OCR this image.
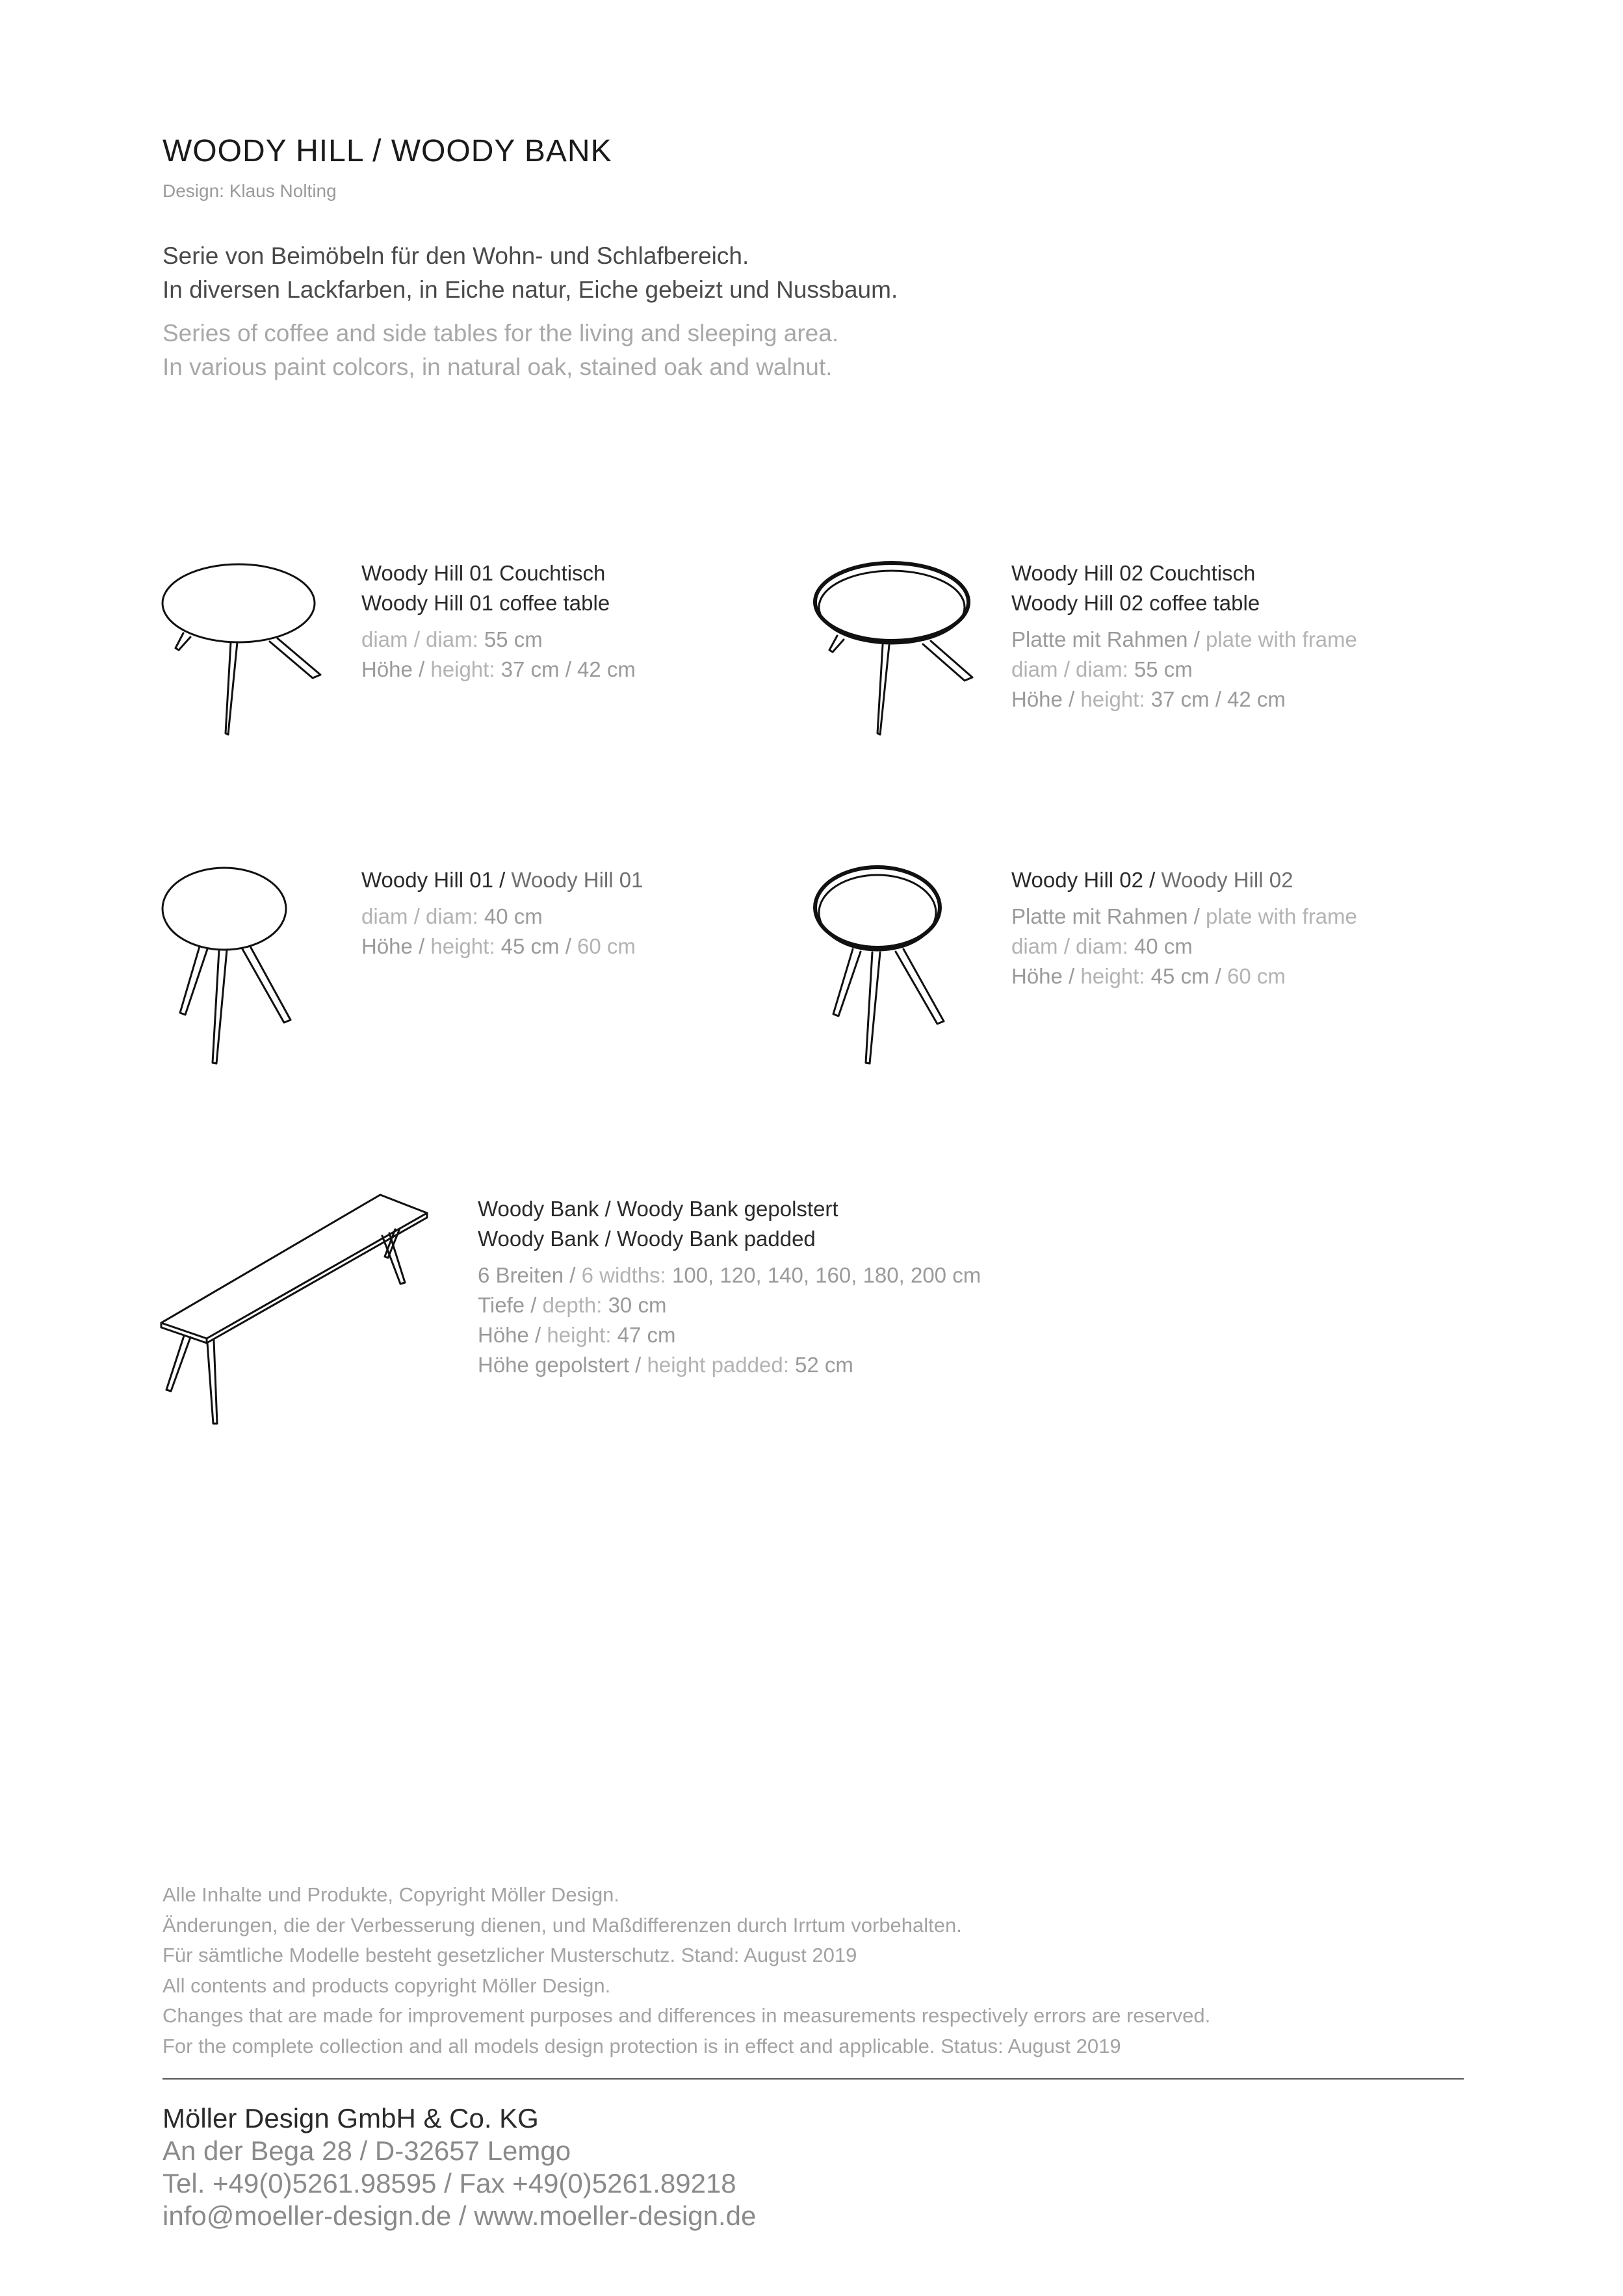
WOODY HILL / WOODY BANK
Design: Klaus Nolting
Serie von Beimöbeln für den Wohn- und Schlafbereich.
In diversen Lackfarben, in Eiche natur, Eiche gebeizt und Nussbaum.
Series of coffee and side tables for the living and sleeping area.
In various paint colcors, in natural oak, stained oak and walnut.
Woody Hill 01 Couchtisch
Woody Hill 01 coffee table
diam / diam: 55 cm
Höhe / height: 37 cm / 42 cm
Woody Hill 02 Couchtisch
Woody Hill 02 coffee table
Platte mit Rahmen / plate with frame
diam / diam: 55 cm
Höhe / height: 37 cm / 42 cm
Woody Hill 01 / Woody Hill 01
diam / diam: 40 cm
Höhe / height: 45 cm / 60 cm
Woody Hill 02 / Woody Hill 02
Platte mit Rahmen / plate with frame
diam / diam: 40 cm
Höhe / height: 45 cm / 60 cm
Woody Bank / Woody Bank gepolstert
Woody Bank / Woody Bank padded
6 Breiten / 6 widths: 100, 120, 140, 160, 180, 200 cm
Tiefe / depth: 30 cm
Höhe / height: 47 cm
Höhe gepolstert / height padded: 52 cm
Alle Inhalte und Produkte, Copyright Möller Design.
Änderungen, die der Verbesserung dienen, und Maßdifferenzen durch Irrtum vorbehalten.
Für sämtliche Modelle besteht gesetzlicher Musterschutz. Stand: August 2019
All contents and products copyright Möller Design.
Changes that are made for improvement purposes and differences in measurements respectively errors are reserved.
For the complete collection and all models design protection is in effect and applicable. Status: August 2019
Möller Design GmbH & Co. KG
An der Bega 28 / D-32657 Lemgo
Tel. +49(0)5261.98595 / Fax +49(0)5261.89218
info@moeller-design.de / www.moeller-design.de
